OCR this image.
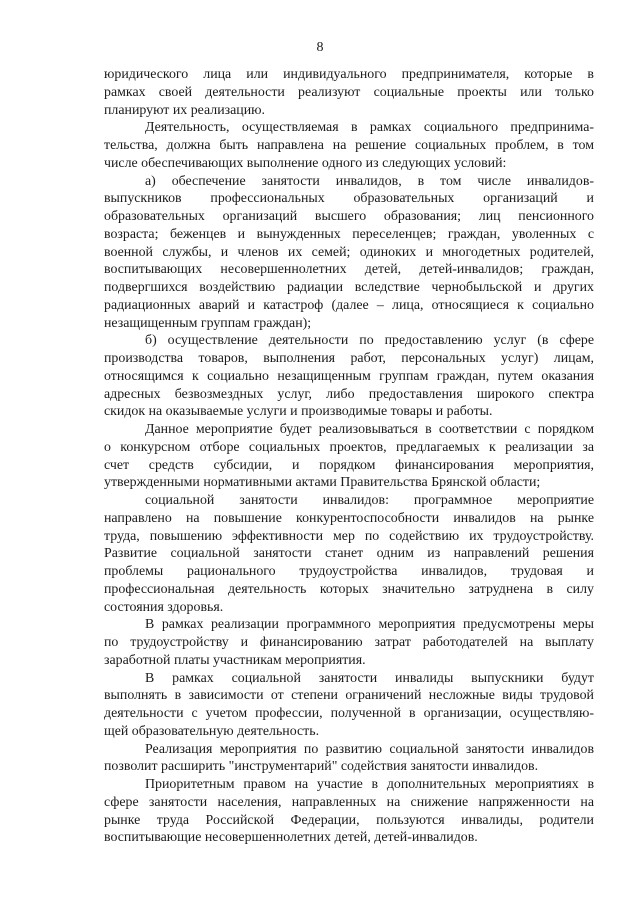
8
юридического лица или индивидуального предпринимателя, которые в
рамках своей деятельности реализуют социальные проекты или только
планируют их реализацию.
Деятельность, осуществляемая в рамках социального предпринима-
тельства, должна быть направлена на решение социальных проблем, в том
числе обеспечивающих выполнение одного из следующих условий:
а) обеспечение занятости инвалидов, в том числе инвалидов-
выпускников профессиональных образовательных организаций и
образовательных организаций высшего образования; лиц пенсионного
возраста; беженцев и вынужденных переселенцев; граждан, уволенных с
военной службы, и членов их семей; одиноких и многодетных родителей,
воспитывающих несовершеннолетних детей, детей-инвалидов; граждан,
подвергшихся воздействию радиации вследствие чернобыльской и других
радиационных аварий и катастроф (далее – лица, относящиеся к социально
незащищенным группам граждан);
б) осуществление деятельности по предоставлению услуг (в сфере
производства товаров, выполнения работ, персональных услуг) лицам,
относящимся к социально незащищенным группам граждан, путем оказания
адресных безвозмездных услуг, либо предоставления широкого спектра
скидок на оказываемые услуги и производимые товары и работы.
Данное мероприятие будет реализовываться в соответствии с порядком
о конкурсном отборе социальных проектов, предлагаемых к реализации за
счет средств субсидии, и порядком финансирования мероприятия,
утвержденными нормативными актами Правительства Брянской области;
социальной занятости инвалидов: программное мероприятие
направлено на повышение конкурентоспособности инвалидов на рынке
труда, повышению эффективности мер по содействию их трудоустройству.
Развитие социальной занятости станет одним из направлений решения
проблемы рационального трудоустройства инвалидов, трудовая и
профессиональная деятельность которых значительно затруднена в силу
состояния здоровья.
В рамках реализации программного мероприятия предусмотрены меры
по трудоустройству и финансированию затрат работодателей на выплату
заработной платы участникам мероприятия.
В рамках социальной занятости инвалиды выпускники будут
выполнять в зависимости от степени ограничений несложные виды трудовой
деятельности с учетом профессии, полученной в организации, осуществляю-
щей образовательную деятельность.
Реализация мероприятия по развитию социальной занятости инвалидов
позволит расширить "инструментарий" содействия занятости инвалидов.
Приоритетным правом на участие в дополнительных мероприятиях в
сфере занятости населения, направленных на снижение напряженности на
рынке труда Российской Федерации, пользуются инвалиды, родители
воспитывающие несовершеннолетних детей, детей-инвалидов.
